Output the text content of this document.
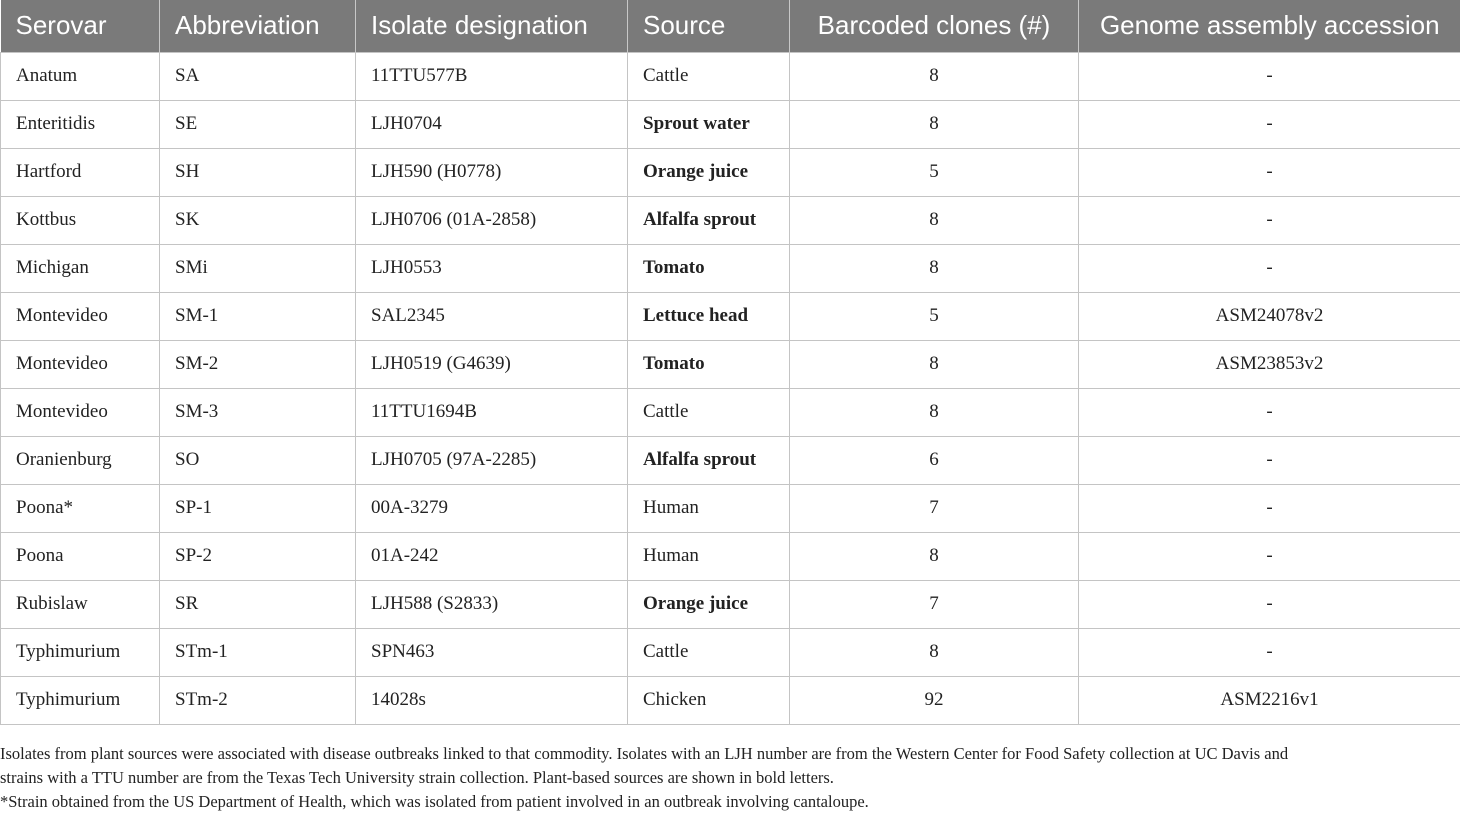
Serovar	Abbreviation	Isolate designation	Source	Barcoded clones (#)	Genome assembly accession
Anatum	SA	11TTU577B	Cattle	8	-
Enteritidis	SE	LJH0704	Sprout water	8	-
Hartford	SH	LJH590 (H0778)	Orange juice	5	-
Kottbus	SK	LJH0706 (01A-2858)	Alfalfa sprout	8	-
Michigan	SMi	LJH0553	Tomato	8	-
Montevideo	SM-1	SAL2345	Lettuce head	5	ASM24078v2
Montevideo	SM-2	LJH0519 (G4639)	Tomato	8	ASM23853v2
Montevideo	SM-3	11TTU1694B	Cattle	8	-
Oranienburg	SO	LJH0705 (97A-2285)	Alfalfa sprout	6	-
Poona*	SP-1	00A-3279	Human	7	-
Poona	SP-2	01A-242	Human	8	-
Rubislaw	SR	LJH588 (S2833)	Orange juice	7	-
Typhimurium	STm-1	SPN463	Cattle	8	-
Typhimurium	STm-2	14028s	Chicken	92	ASM2216v1

Isolates from plant sources were associated with disease outbreaks linked to that commodity. Isolates with an LJH number are from the Western Center for Food Safety collection at UC Davis and

strains with a TTU number are from the Texas Tech University strain collection. Plant-based sources are shown in bold letters.

*Strain obtained from the US Department of Health, which was isolated from patient involved in an outbreak involving cantaloupe.
